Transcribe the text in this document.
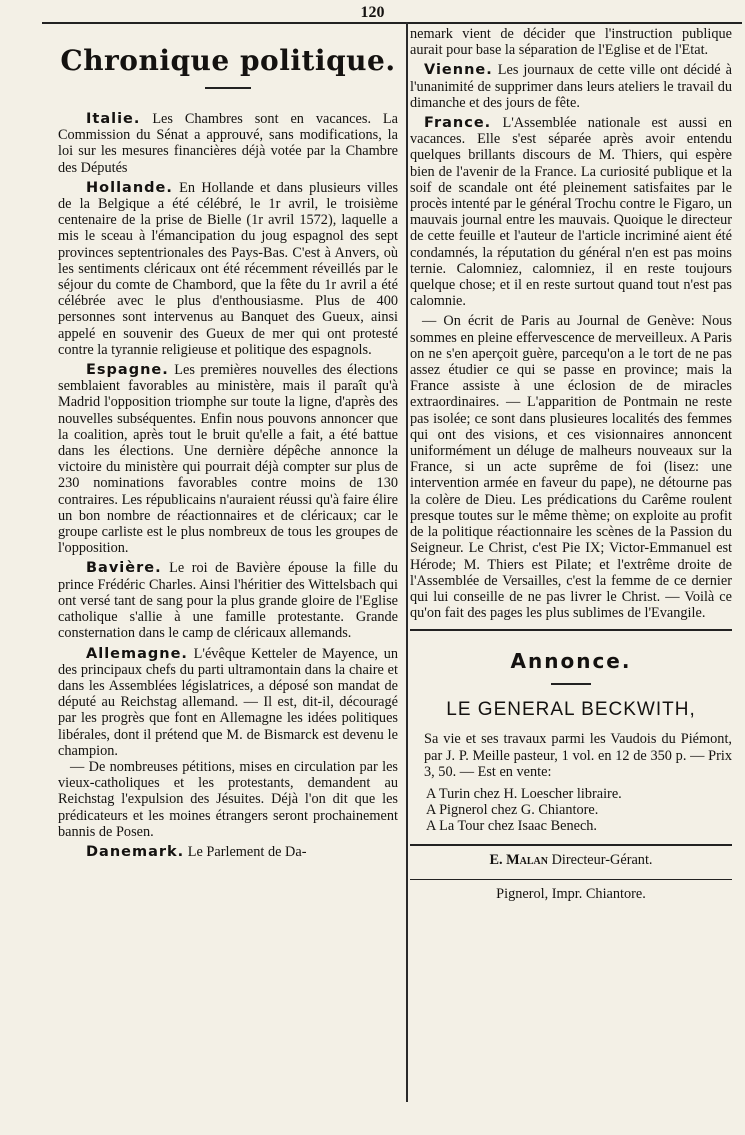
120
Chronique politique.

Italie. Les Chambres sont en vacances. La Commission du Sénat a approuvé, sans modifications, la loi sur les mesures financières déjà votée par la Chambre des Députés

Hollande. En Hollande et dans plusieurs villes de la Belgique a été célébré, le 1r avril, le troisième centenaire de la prise de Bielle (1r avril 1572), laquelle a mis le sceau à l'émancipation du joug espagnol des sept provinces septentrionales des Pays-Bas. C'est à Anvers, où les sentiments cléricaux ont été récemment réveillés par le séjour du comte de Chambord, que la fête du 1r avril a été célébrée avec le plus d'enthousiasme. Plus de 400 personnes sont intervenus au Banquet des Gueux, ainsi appelé en souvenir des Gueux de mer qui ont protesté contre la tyrannie religieuse et politique des espagnols.

Espagne. Les premières nouvelles des élections semblaient favorables au ministère, mais il paraît qu'à Madrid l'opposition triomphe sur toute la ligne, d'après des nouvelles subséquentes. Enfin nous pouvons annoncer que la coalition, après tout le bruit qu'elle a fait, a été battue dans les élections. Une dernière dépêche annonce la victoire du ministère qui pourrait déjà compter sur plus de 230 nominations favorables contre moins de 130 contraires. Les républicains n'auraient réussi qu'à faire élire un bon nombre de réactionnaires et de cléricaux; car le groupe carliste est le plus nombreux de tous les groupes de l'opposition.

Bavière. Le roi de Bavière épouse la fille du prince Frédéric Charles. Ainsi l'héritier des Wittelsbach qui ont versé tant de sang pour la plus grande gloire de l'Eglise catholique s'allie à une famille protestante. Grande consternation dans le camp de cléricaux allemands.

Allemagne. L'évêque Ketteler de Mayence, un des principaux chefs du parti ultramontain dans la chaire et dans les Assemblées législatrices, a déposé son mandat de député au Reichstag allemand. — Il est, dit-il, découragé par les progrès que font en Allemagne les idées politiques libérales, dont il prétend que M. de Bismarck est devenu le champion.

— De nombreuses pétitions, mises en circulation par les vieux-catholiques et les protestants, demandent au Reichstag l'expulsion des Jésuites. Déjà l'on dit que les prédicateurs et les moines étrangers seront prochainement bannis de Posen.

Danemark. Le Parlement de Da-

nemark vient de décider que l'instruction publique aurait pour base la séparation de l'Eglise et de l'Etat.

Vienne. Les journaux de cette ville ont décidé à l'unanimité de supprimer dans leurs ateliers le travail du dimanche et des jours de fête.

France. L'Assemblée nationale est aussi en vacances. Elle s'est séparée après avoir entendu quelques brillants discours de M. Thiers, qui espère bien de l'avenir de la France. La curiosité publique et la soif de scandale ont été pleinement satisfaites par le procès intenté par le général Trochu contre le Figaro, un mauvais journal entre les mauvais. Quoique le directeur de cette feuille et l'auteur de l'article incriminé aient été condamnés, la réputation du général n'en est pas moins ternie. Calomniez, calomniez, il en reste toujours quelque chose; et il en reste surtout quand tout n'est pas calomnie.

— On écrit de Paris au Journal de Genève: Nous sommes en pleine effervescence de merveilleux. A Paris on ne s'en aperçoit guère, parcequ'on a le tort de ne pas assez étudier ce qui se passe en province; mais la France assiste à une éclosion de de miracles extraordinaires. — L'apparition de Pontmain ne reste pas isolée; ce sont dans plusieures localités des femmes qui ont des visions, et ces visionnaires annoncent uniformément un déluge de malheurs nouveaux sur la France, si un acte suprême de foi (lisez: une intervention armée en faveur du pape), ne détourne pas la colère de Dieu. Les prédications du Carême roulent presque toutes sur le même thème; on exploite au profit de la politique réactionnaire les scènes de la Passion du Seigneur. Le Christ, c'est Pie IX; Victor-Emmanuel est Hérode; M. Thiers est Pilate; et l'extrême droite de l'Assemblée de Versailles, c'est la femme de ce dernier qui lui conseille de ne pas livrer le Christ. — Voilà ce qu'on fait des pages les plus sublimes de l'Evangile.

Annonce.
LE GENERAL BECKWITH,

Sa vie et ses travaux parmi les Vaudois du Piémont, par J. P. Meille pasteur, 1 vol. en 12 de 350 p. — Prix 3, 50. — Est en vente:

A Turin chez H. Loescher libraire.
A Pignerol chez G. Chiantore.
A La Tour chez Isaac Benech.
E. Malan Directeur-Gérant.
Pignerol, Impr. Chiantore.
